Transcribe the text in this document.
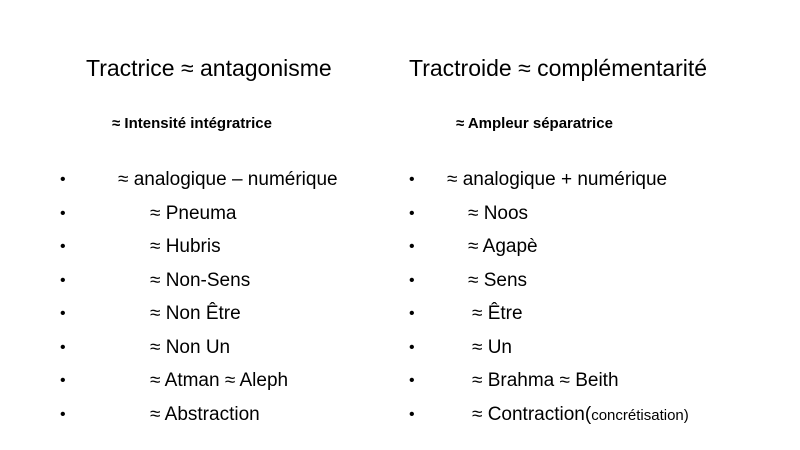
Tractrice ≈ antagonisme
≈ Intensité intégratrice
•	≈ analogique – numérique
•	≈ Pneuma
•	≈ Hubris
•	≈ Non-Sens
•	≈ Non Être
•	≈ Non Un
•	≈ Atman ≈ Aleph
•	≈ Abstraction
Tractroide ≈ complémentarité
≈ Ampleur séparatrice
• ≈ analogique + numérique
•	≈ Noos
•	≈ Agapè
•	≈ Sens
•	≈ Être
•	≈ Un
•	≈ Brahma ≈ Beith
•	≈ Contraction(concrétisation)
